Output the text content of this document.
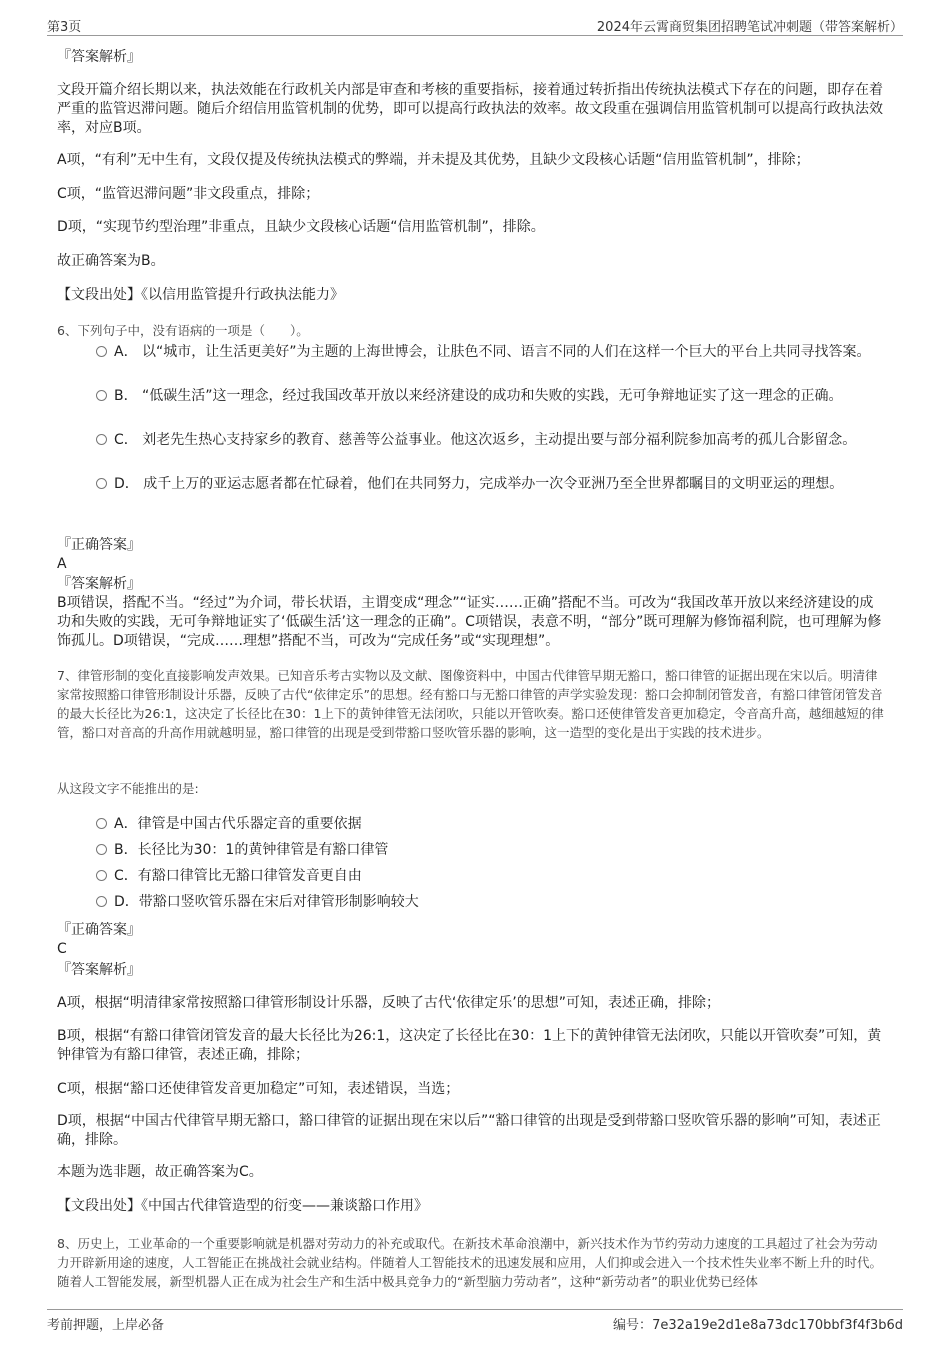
第3页	2024年云霄商贸集团招聘笔试冲刺题（带答案解析）
『答案解析』
文段开篇介绍长期以来，执法效能在行政机关内部是审查和考核的重要指标，接着通过转折指出传统执法模式下存在的问题，即存在着严重的监管迟滞问题。随后介绍信用监管机制的优势，即可以提高行政执法的效率。故文段重在强调信用监管机制可以提高行政执法效率，对应B项。
A项，“有利”无中生有，文段仅提及传统执法模式的弊端，并未提及其优势，且缺少文段核心话题“信用监管机制”，排除；
C项，“监管迟滞问题”非文段重点，排除；
D项，“实现节约型治理”非重点，且缺少文段核心话题“信用监管机制”，排除。
故正确答案为B。
【文段出处】《以信用监管提升行政执法能力》
6、下列句子中，没有语病的一项是（　　）。
A． 以“城市，让生活更美好”为主题的上海世博会，让肤色不同、语言不同的人们在这样一个巨大的平台上共同寻找答案。
B． “低碳生活”这一理念，经过我国改革开放以来经济建设的成功和失败的实践，无可争辩地证实了这一理念的正确。
C． 刘老先生热心支持家乡的教育、慈善等公益事业。他这次返乡，主动提出要与部分福利院参加高考的孤儿合影留念。
D． 成千上万的亚运志愿者都在忙碌着，他们在共同努力，完成举办一次令亚洲乃至全世界都瞩目的文明亚运的理想。
『正确答案』
A
『答案解析』
B项错误，搭配不当。“经过”为介词，带长状语，主谓变成“理念”“证实……正确”搭配不当。可改为“我国改革开放以来经济建设的成功和失败的实践，无可争辩地证实了‘低碳生活’这一理念的正确”。C项错误，表意不明，“部分”既可理解为修饰福利院，也可理解为修饰孤儿。D项错误，“完成……理想”搭配不当，可改为“完成任务”或“实现理想”。
7、律管形制的变化直接影响发声效果。已知音乐考古实物以及文献、图像资料中，中国古代律管早期无豁口，豁口律管的证据出现在宋以后。明清律家常按照豁口律管形制设计乐器，反映了古代“依律定乐”的思想。经有豁口与无豁口律管的声学实验发现：豁口会抑制闭管发音，有豁口律管闭管发音的最大长径比为26:1，这决定了长径比在30：1上下的黄钟律管无法闭吹，只能以开管吹奏。豁口还使律管发音更加稳定，令音高升高，越细越短的律管，豁口对音高的升高作用就越明显，豁口律管的出现是受到带豁口竖吹管乐器的影响，这一造型的变化是出于实践的技术进步。
从这段文字不能推出的是:
A．律管是中国古代乐器定音的重要依据
B．长径比为30：1的黄钟律管是有豁口律管
C．有豁口律管比无豁口律管发音更自由
D．带豁口竖吹管乐器在宋后对律管形制影响较大
『正确答案』
C
『答案解析』
A项，根据“明清律家常按照豁口律管形制设计乐器，反映了古代‘依律定乐’的思想”可知，表述正确，排除；
B项，根据“有豁口律管闭管发音的最大长径比为26:1，这决定了长径比在30：1上下的黄钟律管无法闭吹，只能以开管吹奏”可知，黄钟律管为有豁口律管，表述正确，排除；
C项，根据“豁口还使律管发音更加稳定”可知，表述错误，当选；
D项，根据“中国古代律管早期无豁口，豁口律管的证据出现在宋以后”“豁口律管的出现是受到带豁口竖吹管乐器的影响”可知，表述正确，排除。
本题为选非题，故正确答案为C。
【文段出处】《中国古代律管造型的衍变——兼谈豁口作用》
8、历史上，工业革命的一个重要影响就是机器对劳动力的补充或取代。在新技术革命浪潮中，新兴技术作为节约劳动力速度的工具超过了社会为劳动力开辟新用途的速度，人工智能正在挑战社会就业结构。伴随着人工智能技术的迅速发展和应用，人们抑或会进入一个技术性失业率不断上升的时代。随着人工智能发展，新型机器人正在成为社会生产和生活中极具竞争力的“新型脑力劳动者”，这种“新劳动者”的职业优势已经体
考前押题，上岸必备	编号：7e32a19e2d1e8a73dc170bbf3f4f3b6d
